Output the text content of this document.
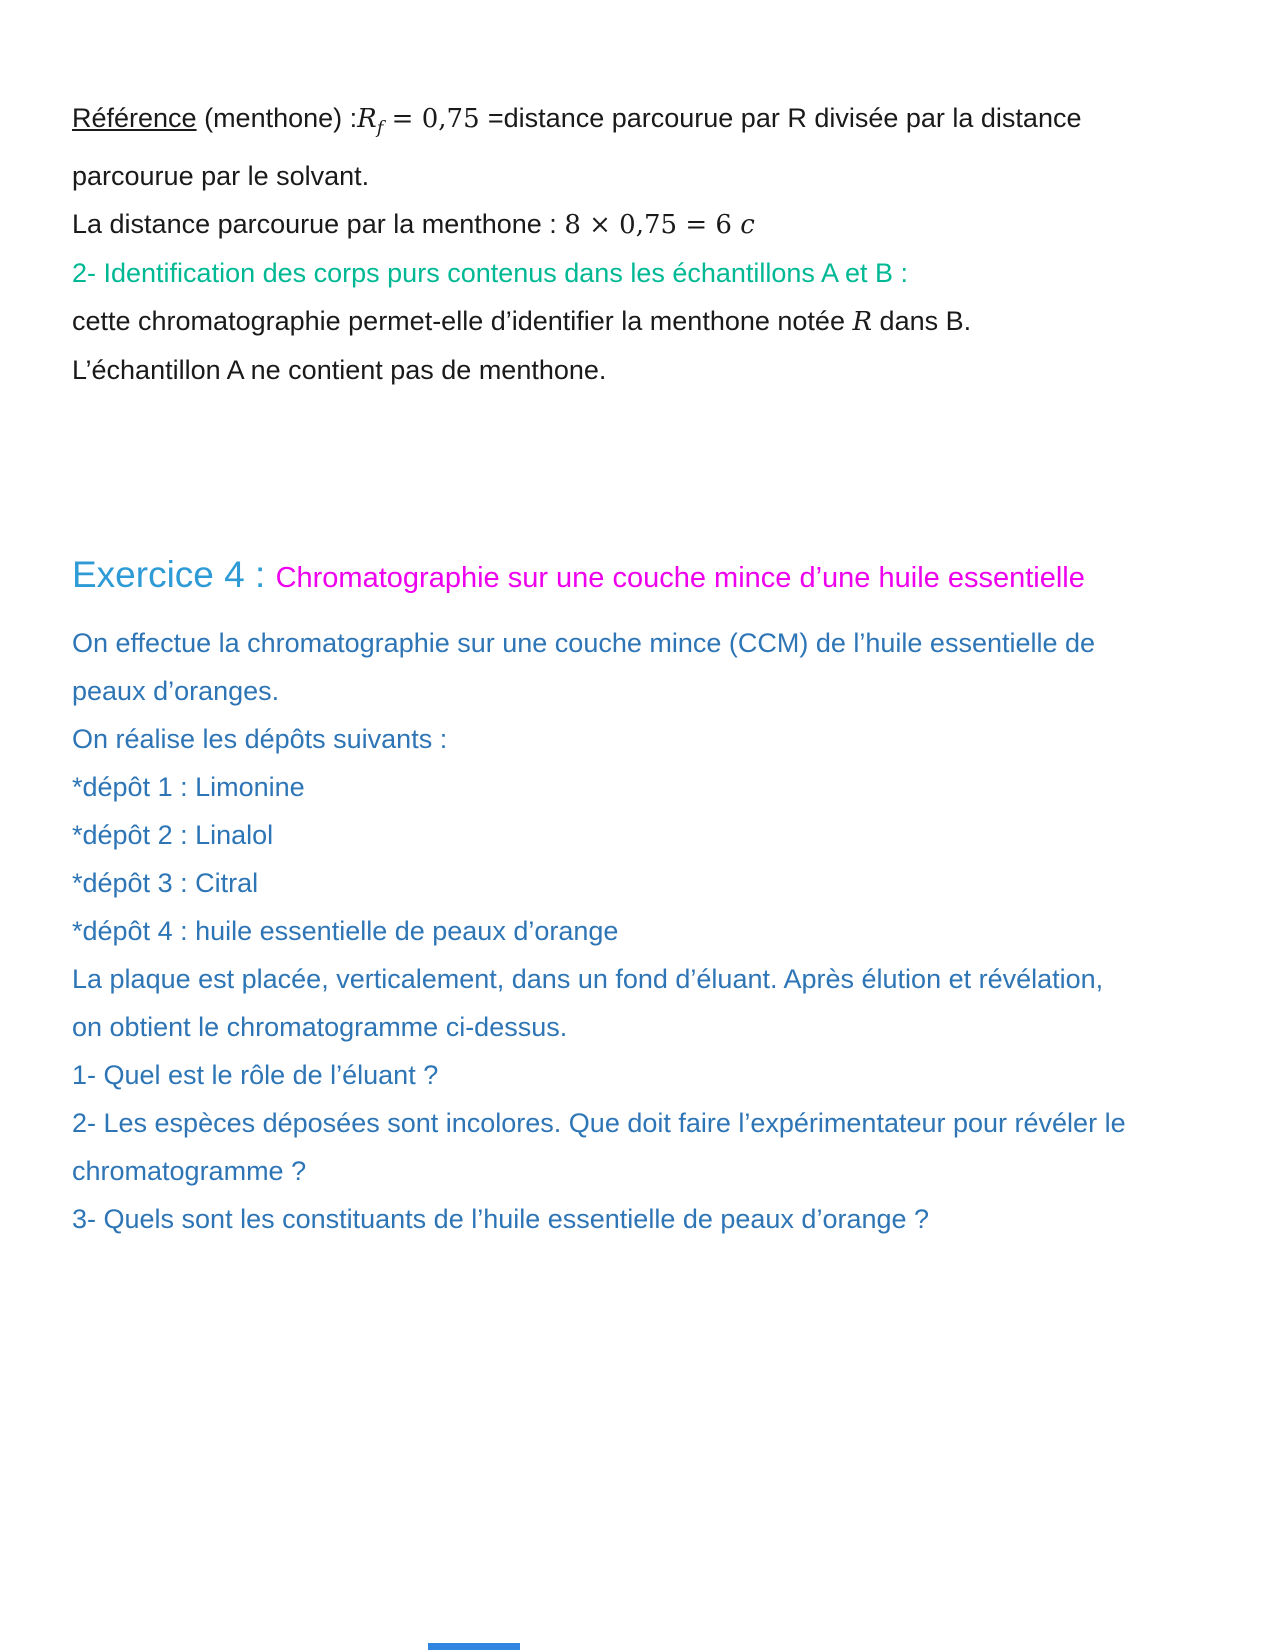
Référence (menthone) $:R_f = 0,75$ =distance parcourue par R divisée par la distance parcourue par le solvant.

La distance parcourue par la menthone : 8 × 0,75 = 6 c

2- Identification des corps purs contenus dans les échantillons A et B :

cette chromatographie permet-elle d’identifier la menthone notée R dans B.

L’échantillon A ne contient pas de menthone.

Exercice 4 : Chromatographie sur une couche mince d’une huile essentielle

On effectue la chromatographie sur une couche mince (CCM) de l’huile essentielle de peaux d’oranges.

On réalise les dépôts suivants :

*dépôt 1 : Limonine

*dépôt 2 : Linalol

*dépôt 3 : Citral

*dépôt 4 : huile essentielle de peaux d’orange

La plaque est placée, verticalement, dans un fond d’éluant. Après élution et révélation, on obtient le chromatogramme ci-dessus.

1- Quel est le rôle de l’éluant ?

2- Les espèces déposées sont incolores. Que doit faire l’expérimentateur pour révéler le chromatogramme ?

3- Quels sont les constituants de l’huile essentielle de peaux d’orange ?
